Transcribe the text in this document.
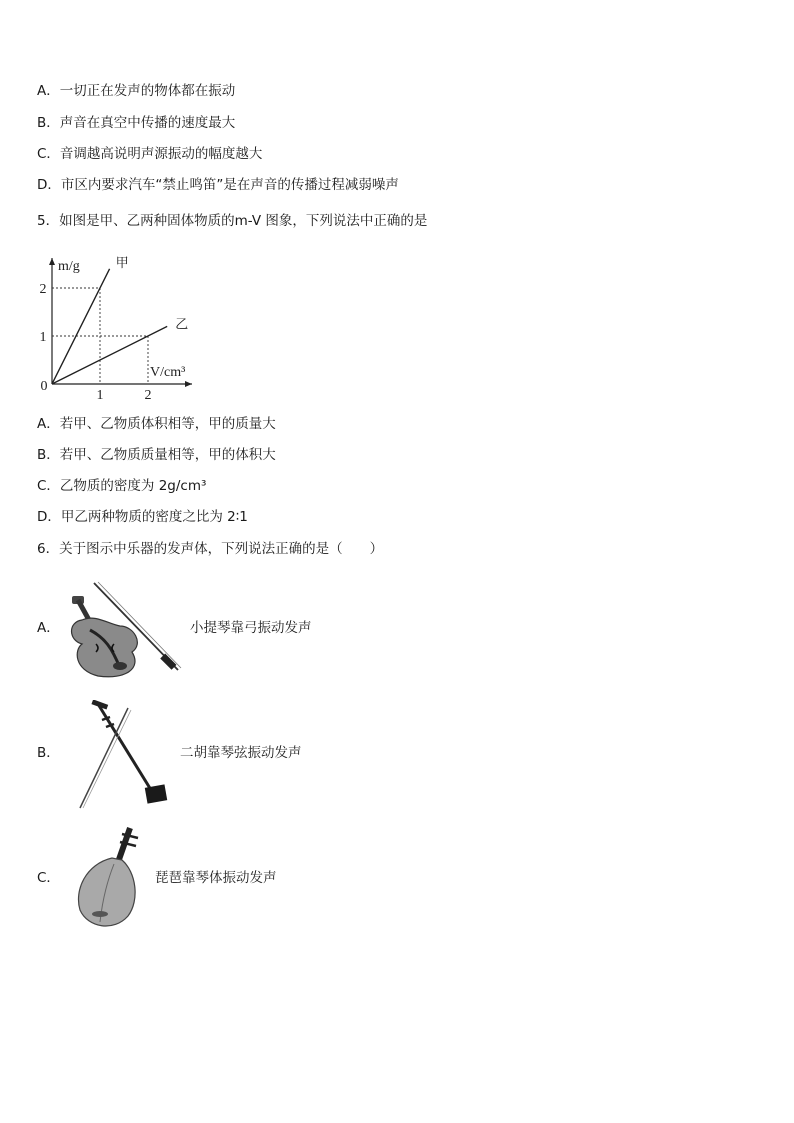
A．一切正在发声的物体都在振动
B．声音在真空中传播的速度最大
C．音调越高说明声源振动的幅度越大
D．市区内要求汽车“禁止鸣笛”是在声音的传播过程减弱噪声
5．如图是甲、乙两种固体物质的m-V 图象，下列说法中正确的是
m/g
V/cm³
0
1	2
1
2
甲
乙
A．若甲、乙物质体积相等，甲的质量大
B．若甲、乙物质质量相等，甲的体积大
C．乙物质的密度为 2g/cm³
D．甲乙两种物质的密度之比为 2∶1
6．关于图示中乐器的发声体，下列说法正确的是（　　）
A．	小提琴靠弓振动发声
B．	二胡靠琴弦振动发声
C．	琵琶靠琴体振动发声
